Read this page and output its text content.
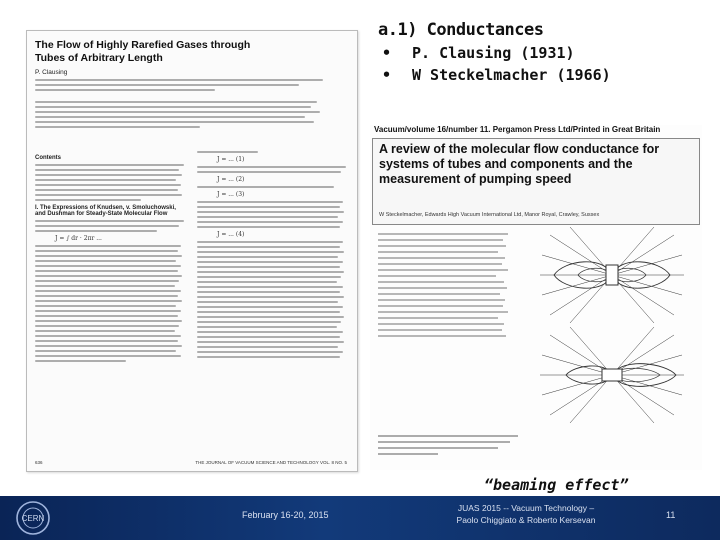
a.1) Conductances
•	P. Clausing (1931)
•	W Steckelmacher (1966)
The Flow of Highly Rarefied Gases through Tubes of Arbitrary Length
P. Clausing
Contents
I. The Expressions of Knudsen, v. Smoluchowski, and Dushman for Steady-State Molecular Flow
J = ∫ dr · 2πr ...
J = ... (1)
J = ... (2)
J = ... (3)
J = ... (4)
636	THE JOURNAL OF VACUUM SCIENCE AND TECHNOLOGY VOL. 8 NO. 5
Vacuum/volume 16/number 11. Pergamon Press Ltd/Printed in Great Britain
A review of the molecular flow conductance for systems of tubes and components and the measurement of pumping speed
W Steckelmacher, Edwards High Vacuum International Ltd, Manor Royal, Crawley, Sussex
“beaming effect”
CERN	February 16-20, 2015
JUAS 2015 -- Vacuum Technology –
Paolo Chiggiato & Roberto Kersevan	11
